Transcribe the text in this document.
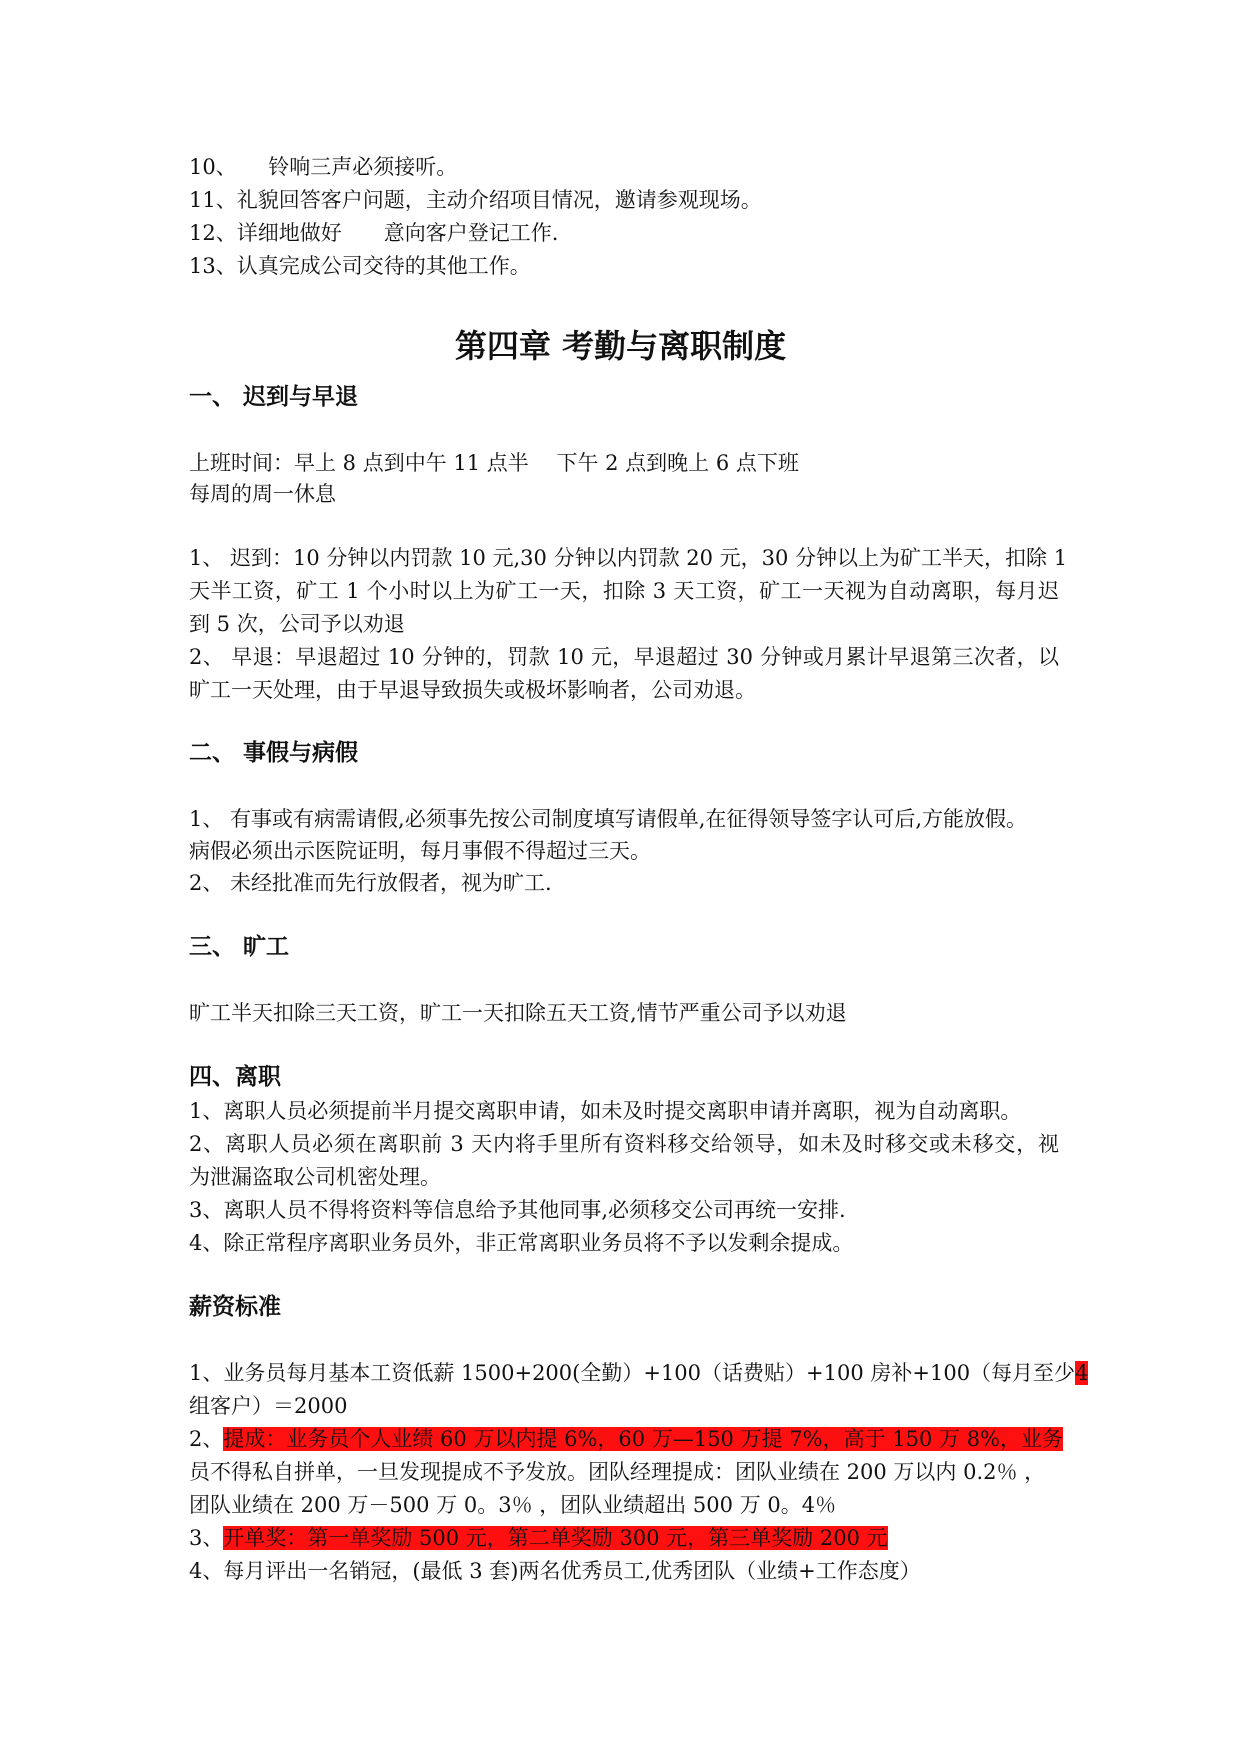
10、　　铃响三声必须接听。
11、礼貌回答客户问题，主动介绍项目情况，邀请参观现场。
12、详细地做好　　意向客户登记工作.
13、认真完成公司交待的其他工作。
第四章 考勤与离职制度
一、 迟到与早退
上班时间：早上 8 点到中午 11 点半　 下午 2 点到晚上 6 点下班
每周的周一休息
1、 迟到：10 分钟以内罚款 10 元,30 分钟以内罚款 20 元，30 分钟以上为矿工半天，扣除 1
天半工资，矿工 1 个小时以上为矿工一天，扣除 3 天工资，矿工一天视为自动离职，每月迟
到 5 次，公司予以劝退
2、 早退：早退超过 10 分钟的，罚款 10 元，早退超过 30 分钟或月累计早退第三次者，以
旷工一天处理，由于早退导致损失或极坏影响者，公司劝退。
二、 事假与病假
1、 有事或有病需请假,必须事先按公司制度填写请假单,在征得领导签字认可后,方能放假。
病假必须出示医院证明，每月事假不得超过三天。
2、 未经批准而先行放假者，视为旷工.
三、 旷工
旷工半天扣除三天工资，旷工一天扣除五天工资,情节严重公司予以劝退
四、离职
1、离职人员必须提前半月提交离职申请，如未及时提交离职申请并离职，视为自动离职。
2、离职人员必须在离职前 3 天内将手里所有资料移交给领导，如未及时移交或未移交，视
为泄漏盗取公司机密处理。
3、离职人员不得将资料等信息给予其他同事,必须移交公司再统一安排.
4、除正常程序离职业务员外，非正常离职业务员将不予以发剩余提成。
薪资标准
1、业务员每月基本工资低薪 1500+200(全勤）+100（话费贴）+100 房补+100（每月至少4
组客户）＝2000
2、提成：业务员个人业绩 60 万以内提 6%，60 万—150 万提 7%，高于 150 万 8%，业务
员不得私自拼单，一旦发现提成不予发放。团队经理提成：团队业绩在 200 万以内 0.2％ ，
团队业绩在 200 万－500 万 0。3％ ，团队业绩超出 500 万 0。4％
3、开单奖：第一单奖励 500 元，第二单奖励 300 元，第三单奖励 200 元
4、每月评出一名销冠，(最低 3 套)两名优秀员工,优秀团队（业绩+工作态度）
